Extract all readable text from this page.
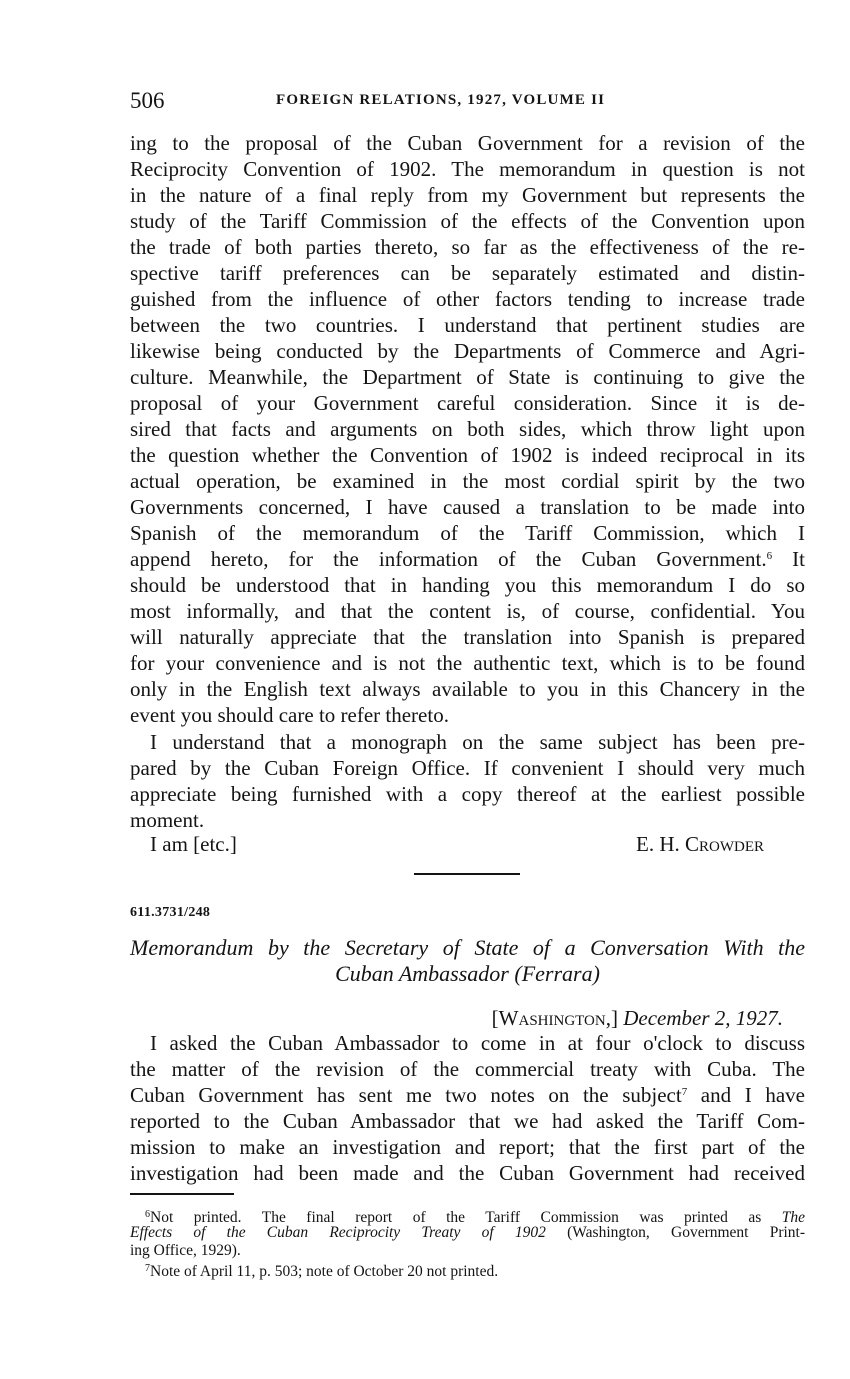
506	FOREIGN RELATIONS, 1927, VOLUME II
ing to the proposal of the Cuban Government for a revision of the
Reciprocity Convention of 1902. The memorandum in question is not
in the nature of a final reply from my Government but represents the
study of the Tariff Commission of the effects of the Convention upon
the trade of both parties thereto, so far as the effectiveness of the re-
spective tariff preferences can be separately estimated and distin-
guished from the influence of other factors tending to increase trade
between the two countries. I understand that pertinent studies are
likewise being conducted by the Departments of Commerce and Agri-
culture. Meanwhile, the Department of State is continuing to give the
proposal of your Government careful consideration. Since it is de-
sired that facts and arguments on both sides, which throw light upon
the question whether the Convention of 1902 is indeed reciprocal in its
actual operation, be examined in the most cordial spirit by the two
Governments concerned, I have caused a translation to be made into
Spanish of the memorandum of the Tariff Commission, which I
append hereto, for the information of the Cuban Government.$^6$ It
should be understood that in handing you this memorandum I do so
most informally, and that the content is, of course, confidential. You
will naturally appreciate that the translation into Spanish is prepared
for your convenience and is not the authentic text, which is to be found
only in the English text always available to you in this Chancery in the
event you should care to refer thereto.
I understand that a monograph on the same subject has been pre-
pared by the Cuban Foreign Office. If convenient I should very much
appreciate being furnished with a copy thereof at the earliest possible
moment.
I am [etc.]	E. H. Crowder
611.3731/248
Memorandum by the Secretary of State of a Conversation With the
Cuban Ambassador (Ferrara)
[Washington,] December 2, 1927.
I asked the Cuban Ambassador to come in at four o'clock to discuss
the matter of the revision of the commercial treaty with Cuba. The
Cuban Government has sent me two notes on the subject$^7$ and I have
reported to the Cuban Ambassador that we had asked the Tariff Com-
mission to make an investigation and report; that the first part of the
investigation had been made and the Cuban Government had received
$^6$Not printed. The final report of the Tariff Commission was printed as The
Effects of the Cuban Reciprocity Treaty of 1902 (Washington, Government Print-
ing Office, 1929).
$^7$Note of April 11, p. 503; note of October 20 not printed.
